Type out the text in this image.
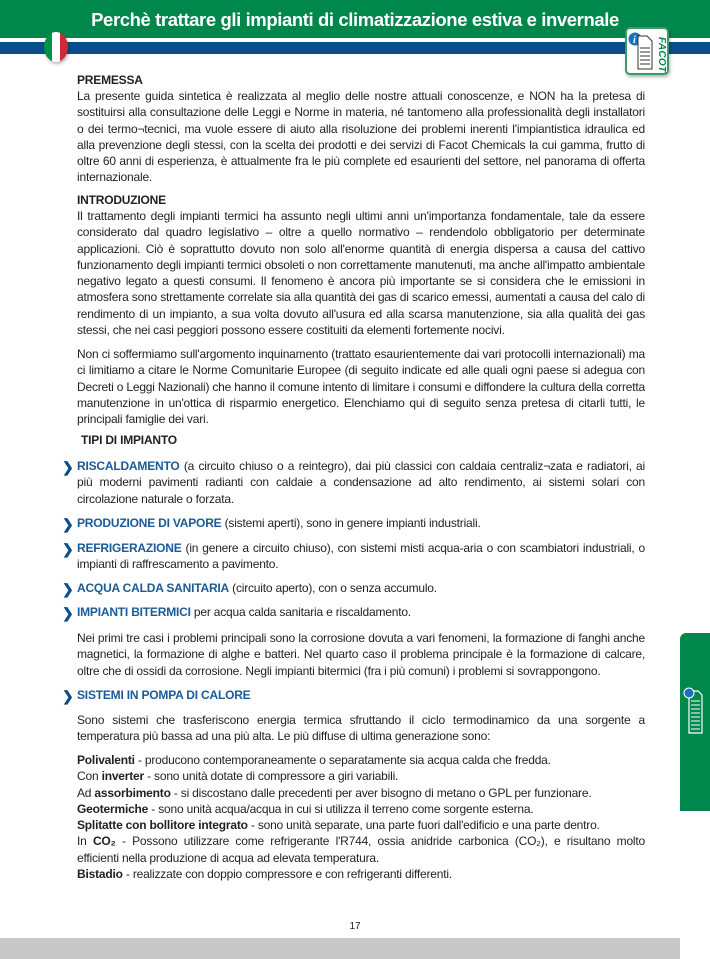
Perchè trattare gli impianti di climatizzazione estiva e invernale
i FACOT
PREMESSA

La presente guida sintetica è realizzata al meglio delle nostre attuali conoscenze, e NON ha la pretesa di sostituirsi alla consultazione delle Leggi e Norme in materia, né tantomeno alla professionalità degli installatori o dei termo¬tecnici, ma vuole essere di aiuto alla risoluzione dei problemi inerenti l'impiantistica idraulica ed alla prevenzione degli stessi, con la scelta dei prodotti e dei servizi di Facot Chemicals la cui gamma, frutto di oltre 60 anni di esperienza, è attualmente fra le più complete ed esaurienti del settore, nel panorama di offerta internazionale.

INTRODUZIONE

Il trattamento degli impianti termici ha assunto negli ultimi anni un'importanza fondamentale, tale da essere considerato dal quadro legislativo – oltre a quello normativo – rendendolo obbligatorio per determinate applicazioni. Ciò è soprattutto dovuto non solo all'enorme quantità di energia dispersa a causa del cattivo funzionamento degli impianti termici obsoleti o non correttamente manutenuti, ma anche all'impatto ambientale negativo legato a questi consumi. Il fenomeno è ancora più importante se si considera che le emissioni in atmosfera sono strettamente correlate sia alla quantità dei gas di scarico emessi, aumentati a causa del calo di rendimento di un impianto, a sua volta dovuto all'usura ed alla scarsa manutenzione, sia alla qualità dei gas stessi, che nei casi peggiori possono essere costituiti da elementi fortemente nocivi.

Non ci soffermiamo sull'argomento inquinamento (trattato esaurientemente dai vari protocolli internazionali) ma ci limitiamo a citare le Norme Comunitarie Europee (di seguito indicate ed alle quali ogni paese si adegua con Decreti o Leggi Nazionali) che hanno il comune intento di limitare i consumi e diffondere la cultura della corretta manutenzione in un'ottica di risparmio energetico. Elenchiamo qui di seguito senza pretesa di citarli tutti, le principali famiglie dei vari.

TIPI DI IMPIANTO
❯ RISCALDAMENTO (a circuito chiuso o a reintegro), dai più classici con caldaia centraliz¬zata e radiatori, ai più moderni pavimenti radianti con caldaie a condensazione ad alto rendimento, ai sistemi solari con circolazione naturale o forzata.
❯ PRODUZIONE DI VAPORE (sistemi aperti), sono in genere impianti industriali.
❯ REFRIGERAZIONE (in genere a circuito chiuso), con sistemi misti acqua-aria o con scambiatori industriali, o impianti di raffrescamento a pavimento.
❯ ACQUA CALDA SANITARIA (circuito aperto), con o senza accumulo.
❯ IMPIANTI BITERMICI per acqua calda sanitaria e riscaldamento.

Nei primi tre casi i problemi principali sono la corrosione dovuta a vari fenomeni, la formazione di fanghi anche magnetici, la formazione di alghe e batteri. Nel quarto caso il problema principale è la formazione di calcare, oltre che di ossidi da corrosione. Negli impianti bitermici (fra i più comuni) i problemi si sovrappongono.

❯ SISTEMI IN POMPA DI CALORE

Sono sistemi che trasferiscono energia termica sfruttando il ciclo termodinamico da una sorgente a temperatura più bassa ad una più alta. Le più diffuse di ultima generazione sono:

Polivalenti - producono contemporaneamente o separatamente sia acqua calda che fredda.

Con inverter - sono unità dotate di compressore a giri variabili.

Ad assorbimento - si discostano dalle precedenti per aver bisogno di metano o GPL per funzionare.

Geotermiche - sono unità acqua/acqua in cui si utilizza il terreno come sorgente esterna.

Splitatte con bollitore integrato - sono unità separate, una parte fuori dall'edificio e una parte dentro.

In CO₂ - Possono utilizzare come refrigerante l'R744, ossia anidride carbonica (CO₂), e risultano molto efficienti nella produzione di acqua ad elevata temperatura.

Bistadio - realizzate con doppio compressore e con refrigeranti differenti.

17
